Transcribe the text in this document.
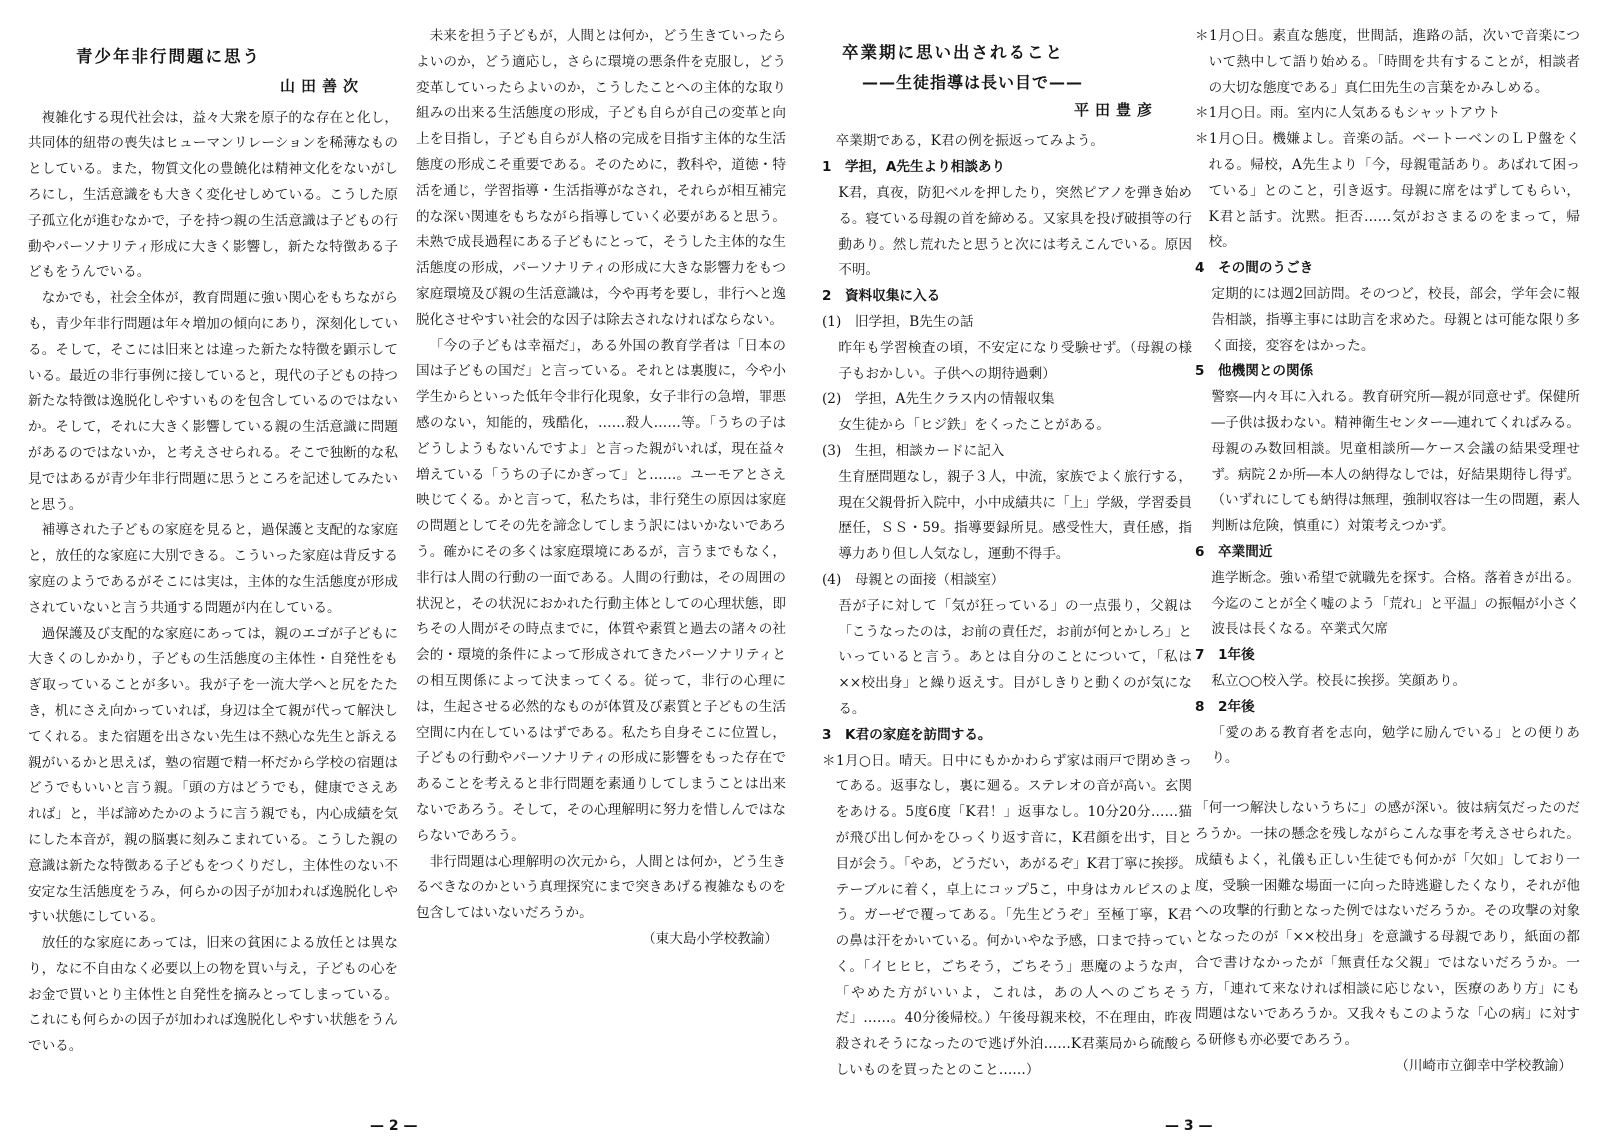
青少年非行問題に思う
山田善次

複雑化する現代社会は，益々大衆を原子的な存在と化し，共同体的紐帯の喪失はヒューマンリレーションを稀薄なものとしている。また，物質文化の豊饒化は精神文化をないがしろにし，生活意識をも大きく変化せしめている。こうした原子孤立化が進むなかで，子を持つ親の生活意識は子どもの行動やパーソナリティ形成に大きく影響し，新たな特徴ある子どもをうんでいる。

なかでも，社会全体が，教育問題に強い関心をもちながらも，青少年非行問題は年々増加の傾向にあり，深刻化している。そして，そこには旧来とは違った新たな特徴を顕示している。最近の非行事例に接していると，現代の子どもの持つ新たな特徴は逸脱化しやすいものを包含しているのではないか。そして，それに大きく影響している親の生活意識に問題があるのではないか，と考えさせられる。そこで独断的な私見ではあるが青少年非行問題に思うところを記述してみたいと思う。

補導された子どもの家庭を見ると，過保護と支配的な家庭と，放任的な家庭に大別できる。こういった家庭は背反する家庭のようであるがそこには実は，主体的な生活態度が形成されていないと言う共通する問題が内在している。

過保護及び支配的な家庭にあっては，親のエゴが子どもに大きくのしかかり，子どもの生活態度の主体性・自発性をもぎ取っていることが多い。我が子を一流大学へと尻をたたき，机にさえ向かっていれば，身辺は全て親が代って解決してくれる。また宿題を出さない先生は不熱心な先生と訴える親がいるかと思えば，塾の宿題で精一杯だから学校の宿題はどうでもいいと言う親。「頭の方はどうでも，健康でさえあれば」と，半ば諦めたかのように言う親でも，内心成績を気にした本音が，親の脳裏に刻みこまれている。こうした親の意識は新たな特徴ある子どもをつくりだし，主体性のない不安定な生活態度をうみ，何らかの因子が加われば逸脱化しやすい状態にしている。

放任的な家庭にあっては，旧来の貧困による放任とは異なり，なに不自由なく必要以上の物を買い与え，子どもの心をお金で買いとり主体性と自発性を摘みとってしまっている。これにも何らかの因子が加われば逸脱化しやすい状態をうんでいる。

未来を担う子どもが，人間とは何か，どう生きていったらよいのか，どう適応し，さらに環境の悪条件を克服し，どう変革していったらよいのか，こうしたことへの主体的な取り組みの出来る生活態度の形成，子ども自らが自己の変革と向上を目指し，子ども自らが人格の完成を目指す主体的な生活態度の形成こそ重要である。そのために，教科や，道徳・特活を通じ，学習指導・生活指導がなされ，それらが相互補完的な深い関連をもちながら指導していく必要があると思う。未熟で成長過程にある子どもにとって，そうした主体的な生活態度の形成，パーソナリティの形成に大きな影響力をもつ家庭環境及び親の生活意識は，今や再考を要し，非行へと逸脱化させやすい社会的な因子は除去されなければならない。

「今の子どもは幸福だ」，ある外国の教育学者は「日本の国は子どもの国だ」と言っている。それとは裏腹に，今や小学生からといった低年令非行化現象，女子非行の急増，罪悪感のない，知能的，残酷化，……殺人……等。「うちの子はどうしようもないんですよ」と言った親がいれば，現在益々増えている「うちの子にかぎって」と……。ユーモアとさえ映じてくる。かと言って，私たちは，非行発生の原因は家庭の問題としてその先を諦念してしまう訳にはいかないであろう。確かにその多くは家庭環境にあるが，言うまでもなく，非行は人間の行動の一面である。人間の行動は，その周囲の状況と，その状況におかれた行動主体としての心理状態，即ちその人間がその時点までに，体質や素質と過去の諸々の社会的・環境的条件によって形成されてきたパーソナリティとの相互関係によって決まってくる。従って，非行の心理には，生起させる必然的なものが体質及び素質と子どもの生活空間に内在しているはずである。私たち自身そこに位置し，子どもの行動やパーソナリティの形成に影響をもった存在であることを考えると非行問題を素通りしてしまうことは出来ないであろう。そして，その心理解明に努力を惜しんではならないであろう。

非行問題は心理解明の次元から，人間とは何か，どう生きるべきなのかという真理探究にまで突きあげる複雑なものを包含してはいないだろうか。

（東大島小学校教諭）

— 2 —
卒業期に思い出されること
——生徒指導は長い目で——
平田豊彦

卒業期である，K君の例を振返ってみよう。

1　学担，A先生より相談あり

K君，真夜，防犯ベルを押したり，突然ピアノを弾き始める。寝ている母親の首を締める。又家具を投げ破損等の行動あり。然し荒れたと思うと次には考えこんでいる。原因不明。

2　資料収集に入る

(1)　旧学担，B先生の話

昨年も学習検査の頃，不安定になり受験せず。（母親の様子もおかしい。子供への期待過剰）

(2)　学担，A先生クラス内の情報収集

女生徒から「ヒジ鉄」をくったことがある。

(3)　生担，相談カードに記入

生育歴問題なし，親子３人，中流，家族でよく旅行する，現在父親骨折入院中，小中成績共に「上」学級，学習委員歴任，ＳＳ・59。指導要録所見。感受性大，責任感，指導力あり但し人気なし，運動不得手。

(4)　母親との面接（相談室）

吾が子に対して「気が狂っている」の一点張り，父親は「こうなったのは，お前の責任だ，お前が何とかしろ」といっていると言う。あとは自分のことについて，「私は××校出身」と繰り返えす。目がしきりと動くのが気になる。

3　K君の家庭を訪問する。

＊1月○日。晴天。日中にもかかわらず家は雨戸で閉めきってある。返事なし，裏に廻る。ステレオの音が高い。玄関をあける。5度6度「K君！」返事なし。10分20分……猫が飛び出し何かをひっくり返す音に，K君顔を出す，目と目が会う。「やあ，どうだい，あがるぞ」K君丁寧に挨拶。テーブルに着く，卓上にコップ5こ，中身はカルピスのよう。ガーゼで覆ってある。「先生どうぞ」至極丁寧，K君の鼻は汗をかいている。何かいやな予感，口まで持っていく。「イヒヒヒ，ごちそう，ごちそう」悪魔のような声，「やめた方がいいよ，これは，あの人へのごちそうだ」……。40分後帰校。）午後母親来校，不在理由，昨夜殺されそうになったので逃げ外泊……K君薬局から硫酸らしいものを買ったとのこと……）

＊1月○日。素直な態度，世間話，進路の話，次いで音楽について熱中して語り始める。「時間を共有することが，相談者の大切な態度である」真仁田先生の言葉をかみしめる。

＊1月○日。雨。室内に人気あるもシャットアウト

＊1月○日。機嫌よし。音楽の話。ベートーベンのＬＰ盤をくれる。帰校，A先生より「今，母親電話あり。あばれて困っている」とのこと，引き返す。母親に席をはずしてもらい，K君と話す。沈黙。拒否……気がおさまるのをまって，帰校。

4　その間のうごき

定期的には週2回訪問。そのつど，校長，部会，学年会に報告相談，指導主事には助言を求めた。母親とは可能な限り多く面接，変容をはかった。

5　他機関との関係

警察―内々耳に入れる。教育研究所―親が同意せず。保健所―子供は扱わない。精神衛生センター―連れてくればみる。母親のみ数回相談。児童相談所―ケース会議の結果受理せず。病院２か所―本人の納得なしでは，好結果期待し得ず。（いずれにしても納得は無理，強制収容は一生の問題，素人判断は危険，慎重に）対策考えつかず。

6　卒業間近

進学断念。強い希望で就職先を探す。合格。落着きが出る。今迄のことが全く嘘のよう「荒れ」と平温」の振幅が小さく波長は長くなる。卒業式欠席

7　1年後

私立○○校入学。校長に挨拶。笑顔あり。

8　2年後

「愛のある教育者を志向，勉学に励んでいる」との便りあり。

「何一つ解決しないうちに」の感が深い。彼は病気だったのだろうか。一抹の懸念を残しながらこんな事を考えさせられた。成績もよく，礼儀も正しい生徒でも何かが「欠如」しており一度，受験一困難な場面一に向った時逃避したくなり，それが他への攻撃的行動となった例ではないだろうか。その攻撃の対象となったのが「××校出身」を意識する母親であり，紙面の都合で書けなかったが「無責任な父親」ではないだろうか。一方，「連れて来なければ相談に応じない，医療のあり方」にも問題はないであろうか。又我々もこのような「心の病」に対する研修も亦必要であろう。

（川崎市立御幸中学校教諭）

— 3 —
